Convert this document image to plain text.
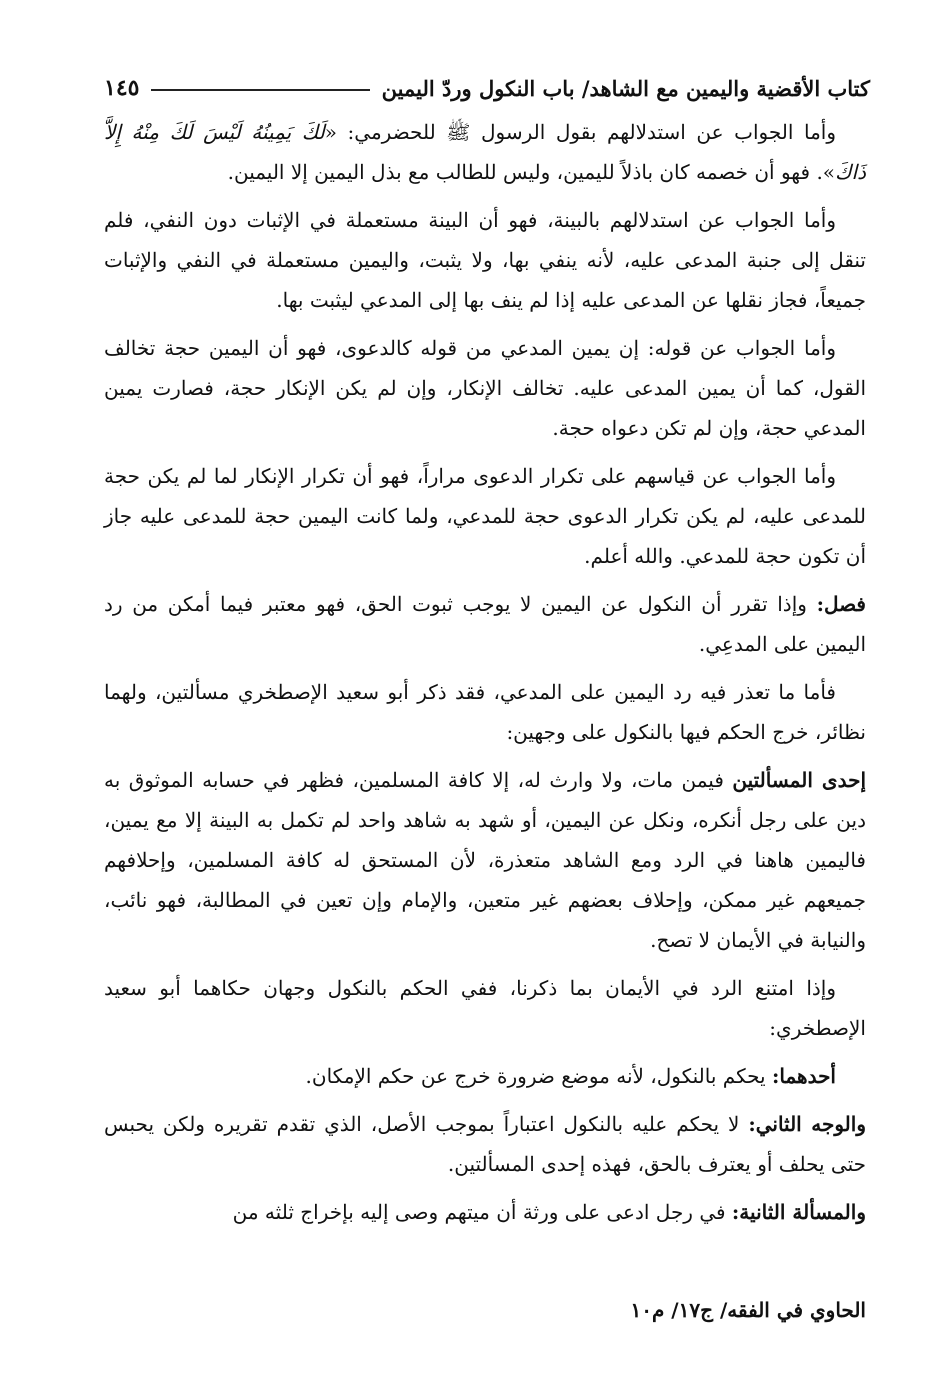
كتاب الأقضية واليمين مع الشاهد/ باب النكول وردّ اليمين
١٤٥

وأما الجواب عن استدلالهم بقول الرسول ﷺ للحضرمي: «لَكَ يَمِينُهُ لَيْسَ لَكَ مِنْهُ إِلاَّ ذَاكَ». فهو أن خصمه كان باذلاً لليمين، وليس للطالب مع بذل اليمين إلا اليمين.

وأما الجواب عن استدلالهم بالبينة، فهو أن البينة مستعملة في الإثبات دون النفي، فلم تنقل إلى جنبة المدعى عليه، لأنه ينفي بها، ولا يثبت، واليمين مستعملة في النفي والإثبات جميعاً، فجاز نقلها عن المدعى عليه إذا لم ينف بها إلى المدعي ليثبت بها.

وأما الجواب عن قوله: إن يمين المدعي من قوله كالدعوى، فهو أن اليمين حجة تخالف القول، كما أن يمين المدعى عليه. تخالف الإنكار، وإن لم يكن الإنكار حجة، فصارت يمين المدعي حجة، وإن لم تكن دعواه حجة.

وأما الجواب عن قياسهم على تكرار الدعوى مراراً، فهو أن تكرار الإنكار لما لم يكن حجة للمدعى عليه، لم يكن تكرار الدعوى حجة للمدعي، ولما كانت اليمين حجة للمدعى عليه جاز أن تكون حجة للمدعي. والله أعلم.

فصل: وإذا تقرر أن النكول عن اليمين لا يوجب ثبوت الحق، فهو معتبر فيما أمكن من رد اليمين على المدعِي.

فأما ما تعذر فيه رد اليمين على المدعي، فقد ذكر أبو سعيد الإصطخري مسألتين، ولهما نظائر، خرج الحكم فيها بالنكول على وجهين:

إحدى المسألتين فيمن مات، ولا وارث له، إلا كافة المسلمين، فظهر في حسابه الموثوق به دين على رجل أنكره، ونكل عن اليمين، أو شهد به شاهد واحد لم تكمل به البينة إلا مع يمين، فاليمين هاهنا في الرد ومع الشاهد متعذرة، لأن المستحق له كافة المسلمين، وإحلافهم جميعهم غير ممكن، وإحلاف بعضهم غير متعين، والإمام وإن تعين في المطالبة، فهو نائب، والنيابة في الأيمان لا تصح.

وإذا امتنع الرد في الأيمان بما ذكرنا، ففي الحكم بالنكول وجهان حكاهما أبو سعيد الإصطخري:

أحدهما: يحكم بالنكول، لأنه موضع ضرورة خرج عن حكم الإمكان.

والوجه الثاني: لا يحكم عليه بالنكول اعتباراً بموجب الأصل، الذي تقدم تقريره ولكن يحبس حتى يحلف أو يعترف بالحق، فهذه إحدى المسألتين.

والمسألة الثانية: في رجل ادعى على ورثة أن ميتهم وصى إليه بإخراج ثلثه من

الحاوي في الفقه/ ج١٧/ م١٠
